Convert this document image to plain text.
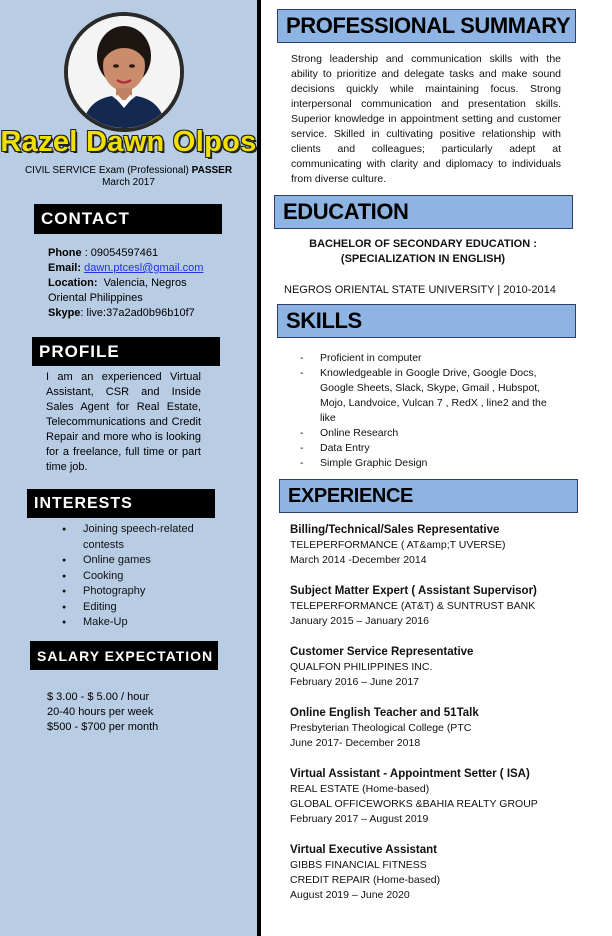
Razel Dawn Olpos
CIVIL SERVICE Exam (Professional) PASSER
March 2017
CONTACT
Phone : 09054597461
Email: dawn.ptcesl@gmail.com
Location: Valencia, Negros
Oriental Philippines
Skype: live:37a2ad0b96b10f7
PROFILE
I am an experienced Virtual Assistant, CSR and Inside Sales Agent for Real Estate, Telecommunications and Credit Repair and more who is looking for a freelance, full time or part time job.
INTERESTS
● Joining speech-related contests
● Online games
● Cooking
● Photography
● Editing
● Make-Up
SALARY EXPECTATION
$ 3.00 - $ 5.00 / hour
20-40 hours per week
$500 - $700 per month
PROFESSIONAL SUMMARY
Strong leadership and communication skills with the ability to prioritize and delegate tasks and make sound decisions quickly while maintaining focus. Strong interpersonal communication and presentation skills. Superior knowledge in appointment setting and customer service. Skilled in cultivating positive relationship with clients and colleagues; particularly adept at communicating with clarity and diplomacy to individuals from diverse culture.
EDUCATION
BACHELOR OF SECONDARY EDUCATION :
(SPECIALIZATION IN ENGLISH)
NEGROS ORIENTAL STATE UNIVERSITY | 2010-2014
SKILLS
- Proficient in computer
- Knowledgeable in Google Drive, Google Docs, Google Sheets, Slack, Skype, Gmail , Hubspot, Mojo, Landvoice, Vulcan 7 , RedX , line2 and the like
- Online Research
- Data Entry
- Simple Graphic Design
EXPERIENCE
Billing/Technical/Sales Representative
TELEPERFORMANCE ( AT&amp;T UVERSE)
March 2014 -December 2014
Subject Matter Expert ( Assistant Supervisor)
TELEPERFORMANCE (AT&T) & SUNTRUST BANK
January 2015 – January 2016
Customer Service Representative
QUALFON PHILIPPINES INC.
February 2016 – June 2017
Online English Teacher and 51Talk
Presbyterian Theological College (PTC
June 2017- December 2018
Virtual Assistant - Appointment Setter ( ISA)
REAL ESTATE (Home-based)
GLOBAL OFFICEWORKS &BAHIA REALTY GROUP
February 2017 – August 2019
Virtual Executive Assistant
GIBBS FINANCIAL FITNESS
CREDIT REPAIR (Home-based)
August 2019 – June 2020
